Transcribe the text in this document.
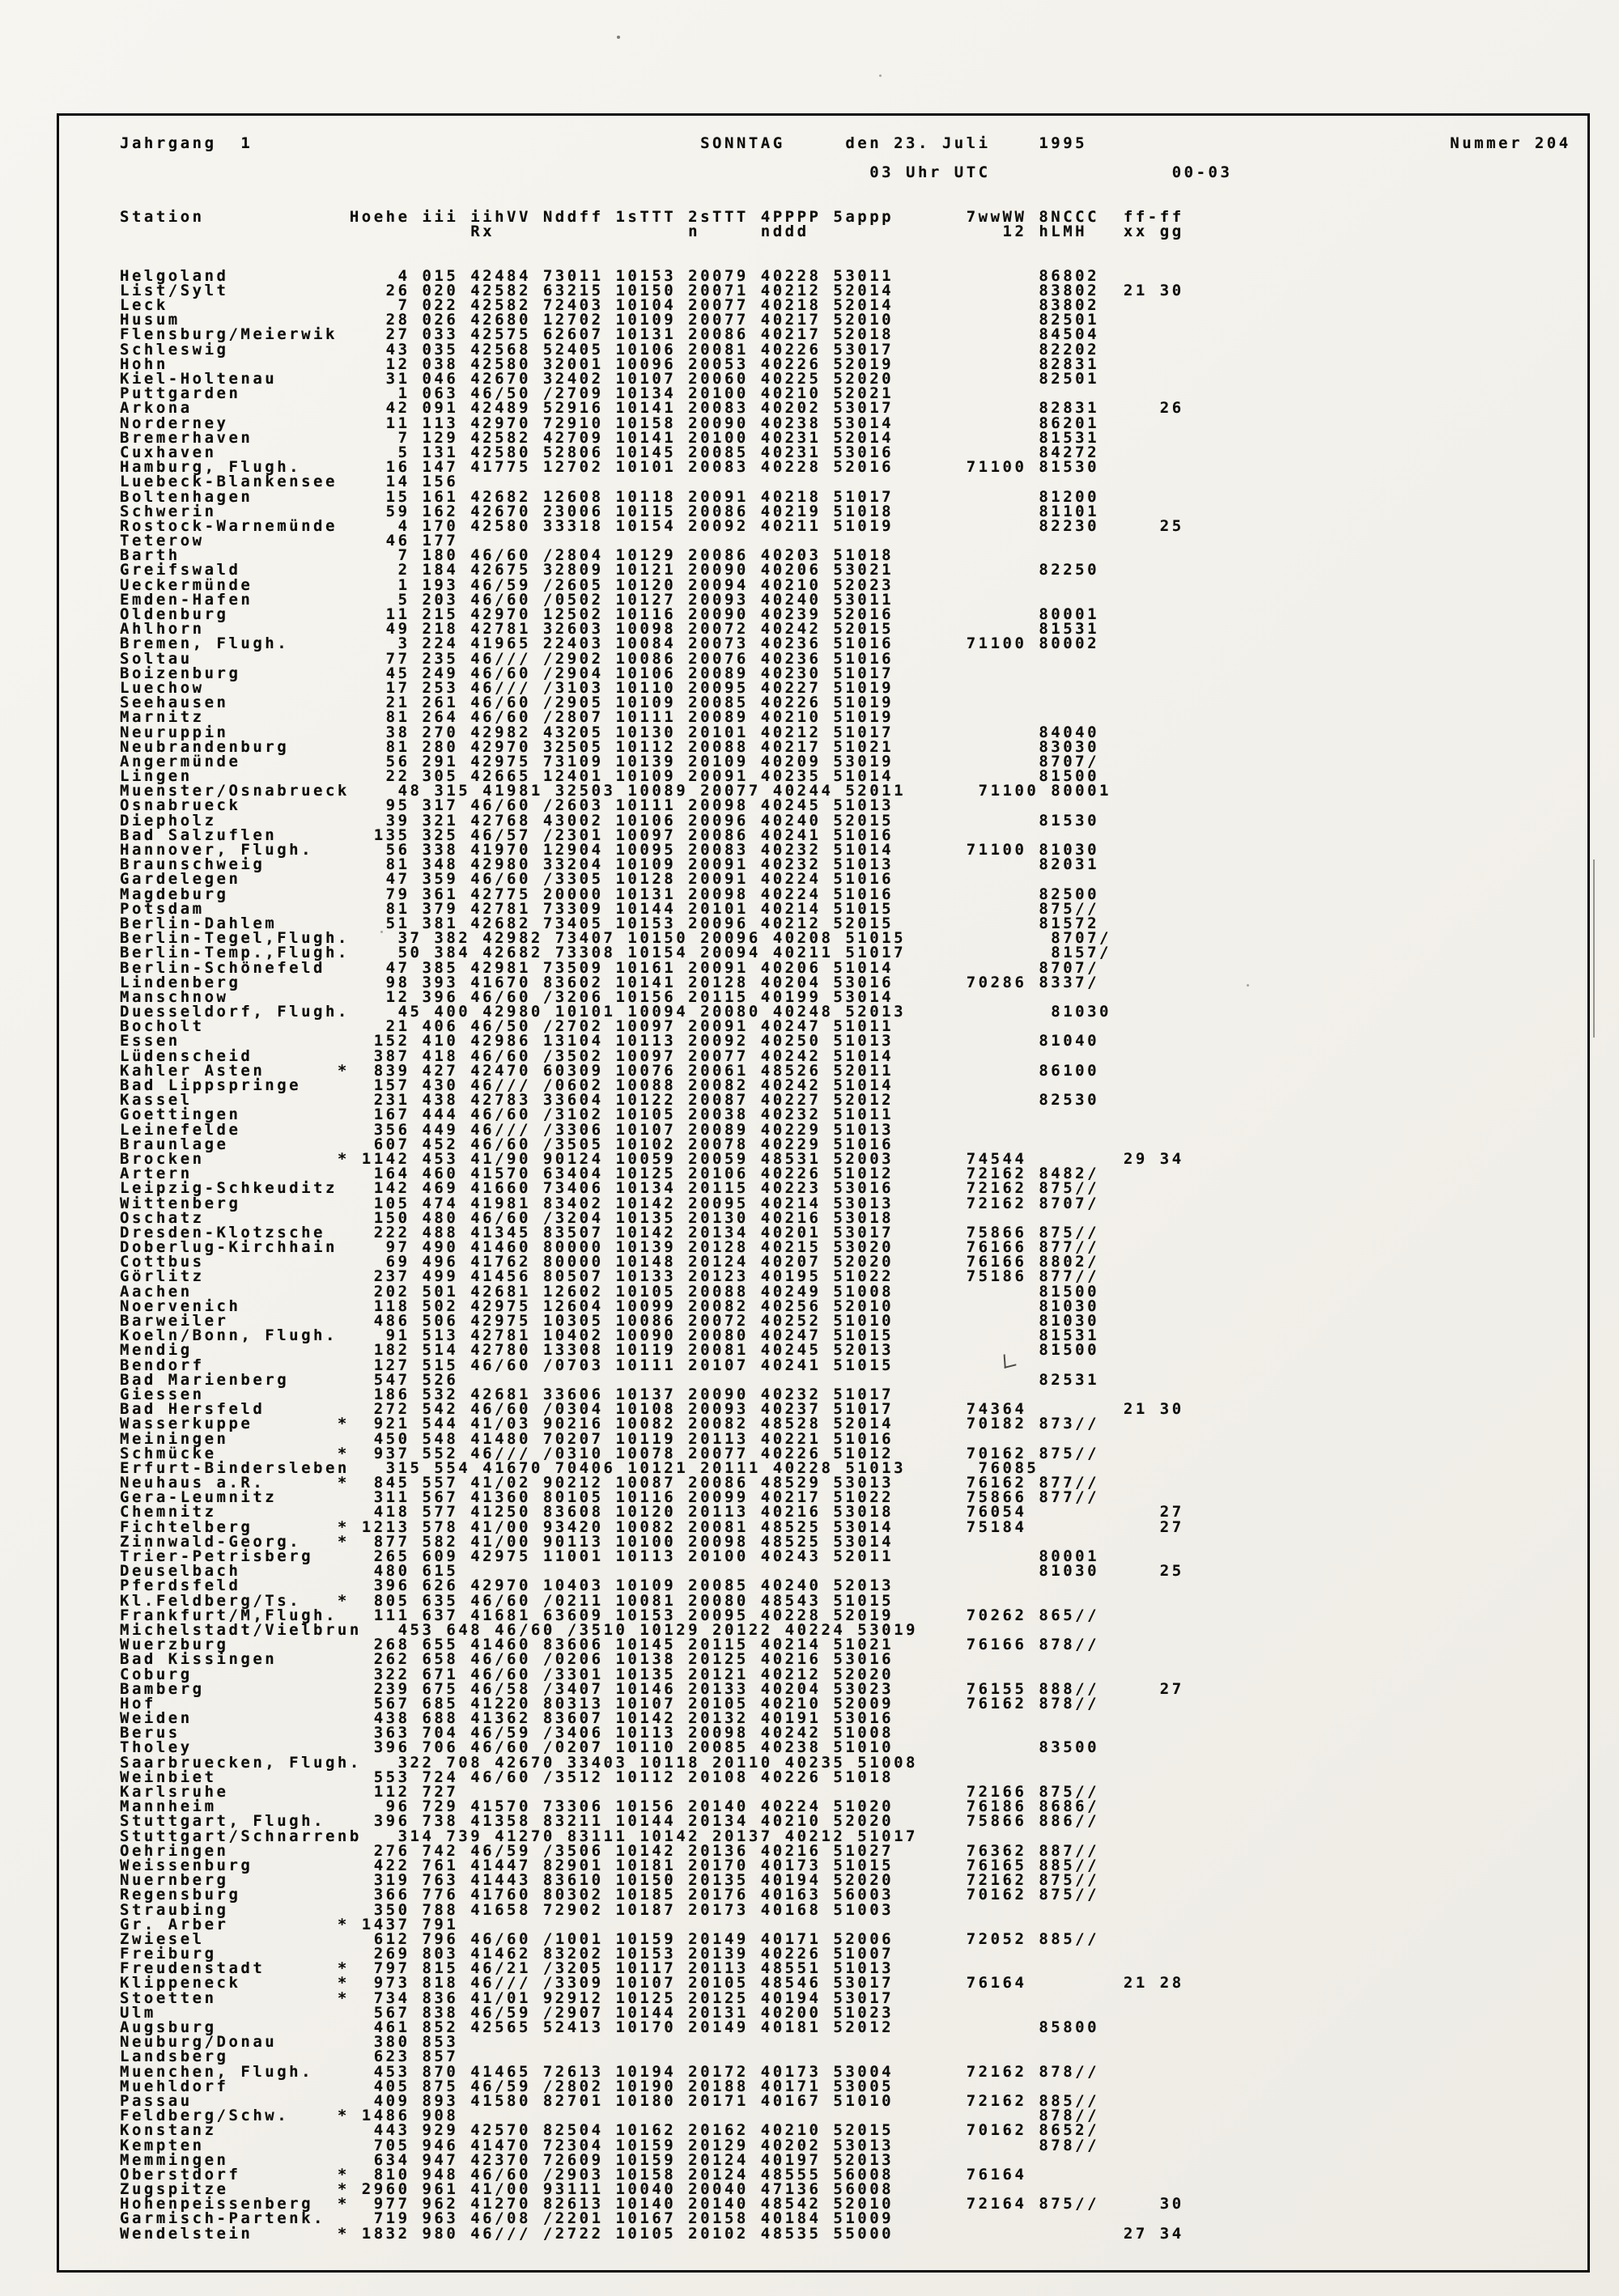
Jahrgang  1                                     SONNTAG     den 23. Juli    1995                              Nummer 204
03 Uhr UTC               00-03
Station            Hoehe iii iihVV Nddff 1sTTT 2sTTT 4PPPP 5appp      7wwWW 8NCCC  ff-ff
Rx                n     nddd                12 hLMH   xx gg
Helgoland              4 015 42484 73011 10153 20079 40228 53011            86802
List/Sylt             26 020 42582 63215 10150 20071 40212 52014            83802  21 30
Leck                   7 022 42582 72403 10104 20077 40218 52014            83802
Husum                 28 026 42680 12702 10109 20077 40217 52010            82501
Flensburg/Meierwik    27 033 42575 62607 10131 20086 40217 52018            84504
Schleswig             43 035 42568 52405 10106 20081 40226 53017            82202
Hohn                  12 038 42580 32001 10096 20053 40226 52019            82831
Kiel-Holtenau         31 046 42670 32402 10107 20060 40225 52020            82501
Puttgarden             1 063 46/50 /2709 10134 20100 40210 52021
Arkona                42 091 42489 52916 10141 20083 40202 53017            82831     26
Norderney             11 113 42970 72910 10158 20090 40238 53014            86201
Bremerhaven            7 129 42582 42709 10141 20100 40231 52014            81531
Cuxhaven               5 131 42580 52806 10145 20085 40231 53016            84272
Hamburg, Flugh.       16 147 41775 12702 10101 20083 40228 52016      71100 81530
Luebeck-Blankensee    14 156
Boltenhagen           15 161 42682 12608 10118 20091 40218 51017            81200
Schwerin              59 162 42670 23006 10115 20086 40219 51018            81101
Rostock-Warnemünde     4 170 42580 33318 10154 20092 40211 51019            82230     25
Teterow               46 177
Barth                  7 180 46/60 /2804 10129 20086 40203 51018
Greifswald             2 184 42675 32809 10121 20090 40206 53021            82250
Ueckermünde            1 193 46/59 /2605 10120 20094 40210 52023
Emden-Hafen            5 203 46/60 /0502 10127 20093 40240 53011
Oldenburg             11 215 42970 12502 10116 20090 40239 52016            80001
Ahlhorn               49 218 42781 32603 10098 20072 40242 52015            81531
Bremen, Flugh.         3 224 41965 22403 10084 20073 40236 51016      71100 80002
Soltau                77 235 46/// /2902 10086 20076 40236 51016
Boizenburg            45 249 46/60 /2904 10106 20089 40230 51017
Luechow               17 253 46/// /3103 10110 20095 40227 51019
Seehausen             21 261 46/60 /2905 10109 20085 40226 51019
Marnitz               81 264 46/60 /2807 10111 20089 40210 51019
Neuruppin             38 270 42982 43205 10130 20101 40212 51017            84040
Neubrandenburg        81 280 42970 32505 10112 20088 40217 51021            83030
Angermünde            56 291 42975 73109 10139 20109 40209 53019            8707/
Lingen                22 305 42665 12401 10109 20091 40235 51014            81500
Muenster/Osnabrueck    48 315 41981 32503 10089 20077 40244 52011      71100 80001
Osnabrueck            95 317 46/60 /2603 10111 20098 40245 51013
Diepholz              39 321 42768 43002 10106 20096 40240 52015            81530
Bad Salzuflen        135 325 46/57 /2301 10097 20086 40241 51016
Hannover, Flugh.      56 338 41970 12904 10095 20083 40232 51014      71100 81030
Braunschweig          81 348 42980 33204 10109 20091 40232 51013            82031
Gardelegen            47 359 46/60 /3305 10128 20091 40224 51016
Magdeburg             79 361 42775 20000 10131 20098 40224 51016            82500
Potsdam               81 379 42781 73309 10144 20101 40214 51015            875//
Berlin-Dahlem         51 381 42682 73405 10153 20096 40212 52015            81572
Berlin-Tegel,Flugh.    37 382 42982 73407 10150 20096 40208 51015            8707/
Berlin-Temp.,Flugh.    50 384 42682 73308 10154 20094 40211 51017            8157/
Berlin-Schönefeld     47 385 42981 73509 10161 20091 40206 51014            8707/
Lindenberg            98 393 41670 83602 10141 20128 40204 53016      70286 8337/
Manschnow             12 396 46/60 /3206 10156 20115 40199 53014
Duesseldorf, Flugh.    45 400 42980 10101 10094 20080 40248 52013            81030
Bocholt               21 406 46/50 /2702 10097 20091 40247 51011
Essen                152 410 42986 13104 10113 20092 40250 51013            81040
Lüdenscheid          387 418 46/60 /3502 10097 20077 40242 51014
Kahler Asten      *  839 427 42470 60309 10076 20061 48526 52011            86100
Bad Lippspringe      157 430 46/// /0602 10088 20082 40242 51014
Kassel               231 438 42783 33604 10122 20087 40227 52012            82530
Goettingen           167 444 46/60 /3102 10105 20038 40232 51011
Leinefelde           356 449 46/// /3306 10107 20089 40229 51013
Braunlage            607 452 46/60 /3505 10102 20078 40229 51016
Brocken           * 1142 453 41/90 90124 10059 20059 48531 52003      74544        29 34
Artern               164 460 41570 63404 10125 20106 40226 51012      72162 8482/
Leipzig-Schkeuditz   142 469 41660 73406 10134 20115 40223 53016      72162 875//
Wittenberg           105 474 41981 83402 10142 20095 40214 53013      72162 8707/
Oschatz              150 480 46/60 /3204 10135 20130 40216 53018
Dresden-Klotzsche    222 488 41345 83507 10142 20134 40201 53017      75866 875//
Doberlug-Kirchhain    97 490 41460 80000 10139 20128 40215 53020      76166 877//
Cottbus               69 496 41762 80000 10148 20124 40207 52020      76166 8802/
Görlitz              237 499 41456 80507 10133 20123 40195 51022      75186 877//
Aachen               202 501 42681 12602 10105 20088 40249 51008            81500
Noervenich           118 502 42975 12604 10099 20082 40256 52010            81030
Barweiler            486 506 42975 10305 10086 20072 40252 51010            81030
Koeln/Bonn, Flugh.    91 513 42781 10402 10090 20080 40247 51015            81531
Mendig               182 514 42780 13308 10119 20081 40245 52013            81500
Bendorf              127 515 46/60 /0703 10111 20107 40241 51015
Bad Marienberg       547 526                                                82531
Giessen              186 532 42681 33606 10137 20090 40232 51017
Bad Hersfeld         272 542 46/60 /0304 10108 20093 40237 51017      74364        21 30
Wasserkuppe       *  921 544 41/03 90216 10082 20082 48528 52014      70182 873//
Meiningen            450 548 41480 70207 10119 20113 40221 51016
Schmücke          *  937 552 46/// /0310 10078 20077 40226 51012      70162 875//
Erfurt-Bindersleben   315 554 41670 70406 10121 20111 40228 51013      76085
Neuhaus a.R.      *  845 557 41/02 90212 10087 20086 48529 53013      76162 877//
Gera-Leumnitz        311 567 41360 80105 10116 20099 40217 51022      75866 877//
Chemnitz             418 577 41250 83608 10120 20113 40216 53018      76054           27
Fichtelberg       * 1213 578 41/00 93420 10082 20081 48525 53014      75184           27
Zinnwald-Georg.   *  877 582 41/00 90113 10100 20098 48525 53014
Trier-Petrisberg     265 609 42975 11001 10113 20100 40243 52011            80001
Deuselbach           480 615                                                81030     25
Pferdsfeld           396 626 42970 10403 10109 20085 40240 52013
Kl.Feldberg/Ts.   *  805 635 46/60 /0211 10081 20080 48543 51015
Frankfurt/M,Flugh.   111 637 41681 63609 10153 20095 40228 52019      70262 865//
Michelstadt/Vielbrun   453 648 46/60 /3510 10129 20122 40224 53019
Wuerzburg            268 655 41460 83606 10145 20115 40214 51021      76166 878//
Bad Kissingen        262 658 46/60 /0206 10138 20125 40216 53016
Coburg               322 671 46/60 /3301 10135 20121 40212 52020
Bamberg              239 675 46/58 /3407 10146 20133 40204 53023      76155 888//     27
Hof                  567 685 41220 80313 10107 20105 40210 52009      76162 878//
Weiden               438 688 41362 83607 10142 20132 40191 53016
Berus                363 704 46/59 /3406 10113 20098 40242 51008
Tholey               396 706 46/60 /0207 10110 20085 40238 51010            83500
Saarbruecken, Flugh.   322 708 42670 33403 10118 20110 40235 51008
Weinbiet             553 724 46/60 /3512 10112 20108 40226 51018
Karlsruhe            112 727                                          72166 875//
Mannheim              96 729 41570 73306 10156 20140 40224 51020      76186 8686/
Stuttgart, Flugh.    396 738 41358 83211 10144 20134 40210 52020      75866 886//
Stuttgart/Schnarrenb   314 739 41270 83111 10142 20137 40212 51017
Oehringen            276 742 46/59 /3506 10142 20136 40216 51027      76362 887//
Weissenburg          422 761 41447 82901 10181 20170 40173 51015      76165 885//
Nuernberg            319 763 41443 83610 10150 20135 40194 52020      72162 875//
Regensburg           366 776 41760 80302 10185 20176 40163 56003      70162 875//
Straubing            350 788 41658 72902 10187 20173 40168 51003
Gr. Arber         * 1437 791
Zwiesel              612 796 46/60 /1001 10159 20149 40171 52006      72052 885//
Freiburg             269 803 41462 83202 10153 20139 40226 51007
Freudenstadt      *  797 815 46/21 /3205 10117 20113 48551 51013
Klippeneck        *  973 818 46/// /3309 10107 20105 48546 53017      76164        21 28
Stoetten          *  734 836 41/01 92912 10125 20125 40194 53017
Ulm                  567 838 46/59 /2907 10144 20131 40200 51023
Augsburg             461 852 42565 52413 10170 20149 40181 52012            85800
Neuburg/Donau        380 853
Landsberg            623 857
Muenchen, Flugh.     453 870 41465 72613 10194 20172 40173 53004      72162 878//
Muehldorf            405 875 46/59 /2802 10190 20188 40171 53005
Passau               409 893 41580 82701 10180 20171 40167 51010      72162 885//
Feldberg/Schw.    * 1486 908                                                878//
Konstanz             443 929 42570 82504 10162 20162 40210 52015      70162 8652/
Kempten              705 946 41470 72304 10159 20129 40202 53013            878//
Memmingen            634 947 42370 72609 10159 20124 40197 52013
Oberstdorf        *  810 948 46/60 /2903 10158 20124 48555 56008      76164
Zugspitze         * 2960 961 41/00 93111 10040 20040 47136 56008
Hohenpeissenberg  *  977 962 41270 82613 10140 20140 48542 52010      72164 875//     30
Garmisch-Partenk.    719 963 46/08 /2201 10167 20158 40184 51009
Wendelstein       * 1832 980 46/// /2722 10105 20102 48535 55000                   27 34
